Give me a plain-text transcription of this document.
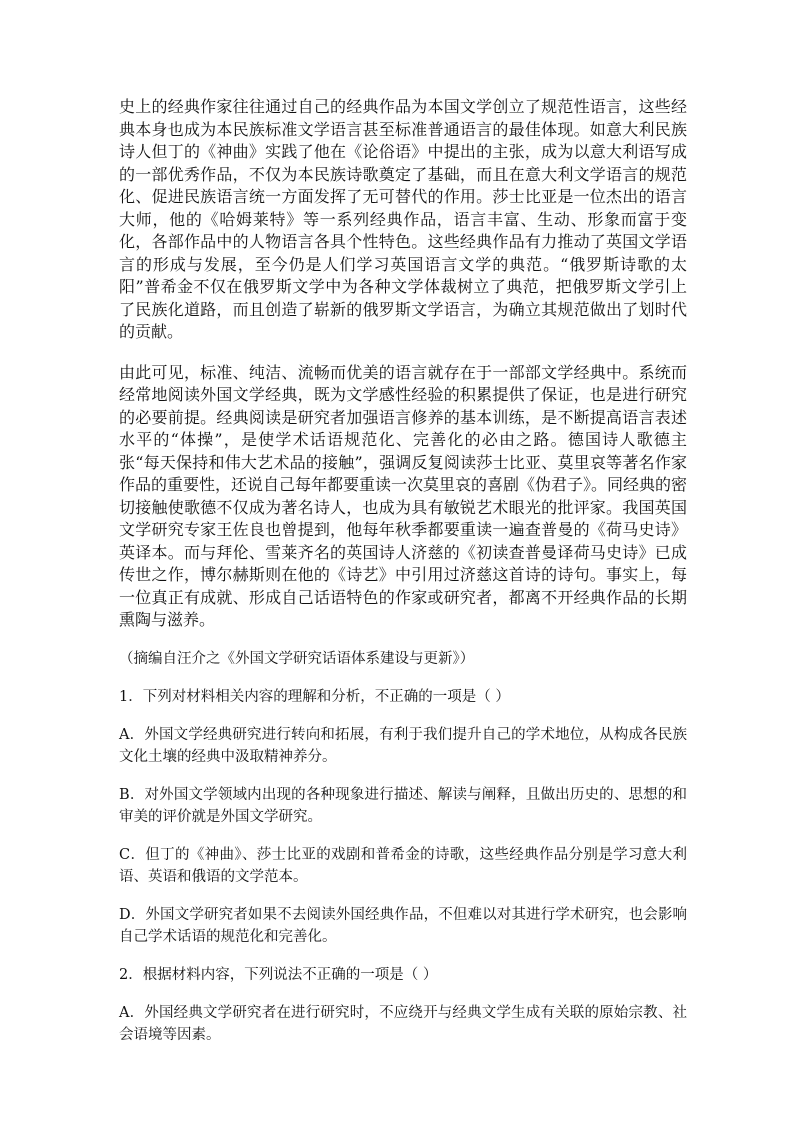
史上的经典作家往往通过自己的经典作品为本国文学创立了规范性语言，这些经典本身也成为本民族标准文学语言甚至标准普通语言的最佳体现。如意大利民族诗人但丁的《神曲》实践了他在《论俗语》中提出的主张，成为以意大利语写成的一部优秀作品，不仅为本民族诗歌奠定了基础，而且在意大利文学语言的规范化、促进民族语言统一方面发挥了无可替代的作用。莎士比亚是一位杰出的语言大师，他的《哈姆莱特》等一系列经典作品，语言丰富、生动、形象而富于变化，各部作品中的人物语言各具个性特色。这些经典作品有力推动了英国文学语言的形成与发展，至今仍是人们学习英国语言文学的典范。“俄罗斯诗歌的太阳”普希金不仅在俄罗斯文学中为各种文学体裁树立了典范，把俄罗斯文学引上了民族化道路，而且创造了崭新的俄罗斯文学语言，为确立其规范做出了划时代的贡献。

由此可见，标准、纯洁、流畅而优美的语言就存在于一部部文学经典中。系统而经常地阅读外国文学经典，既为文学感性经验的积累提供了保证，也是进行研究的必要前提。经典阅读是研究者加强语言修养的基本训练，是不断提高语言表述水平的“体操”，是使学术话语规范化、完善化的必由之路。德国诗人歌德主张“每天保持和伟大艺术品的接触”，强调反复阅读莎士比亚、莫里哀等著名作家作品的重要性，还说自己每年都要重读一次莫里哀的喜剧《伪君子》。同经典的密切接触使歌德不仅成为著名诗人，也成为具有敏锐艺术眼光的批评家。我国英国文学研究专家王佐良也曾提到，他每年秋季都要重读一遍查普曼的《荷马史诗》英译本。而与拜伦、雪莱齐名的英国诗人济慈的《初读查普曼译荷马史诗》已成传世之作，博尔赫斯则在他的《诗艺》中引用过济慈这首诗的诗句。事实上，每一位真正有成就、形成自己话语特色的作家或研究者，都离不开经典作品的长期熏陶与滋养。

（摘编自汪介之《外国文学研究话语体系建设与更新》）

1．下列对材料相关内容的理解和分析，不正确的一项是（ ）

A．外国文学经典研究进行转向和拓展，有利于我们提升自己的学术地位，从构成各民族文化土壤的经典中汲取精神养分。

B．对外国文学领域内出现的各种现象进行描述、解读与阐释，且做出历史的、思想的和审美的评价就是外国文学研究。

C．但丁的《神曲》、莎士比亚的戏剧和普希金的诗歌，这些经典作品分别是学习意大利语、英语和俄语的文学范本。

D．外国文学研究者如果不去阅读外国经典作品，不但难以对其进行学术研究，也会影响自己学术话语的规范化和完善化。

2．根据材料内容，下列说法不正确的一项是（ ）

A．外国经典文学研究者在进行研究时，不应绕开与经典文学生成有关联的原始宗教、社会语境等因素。
